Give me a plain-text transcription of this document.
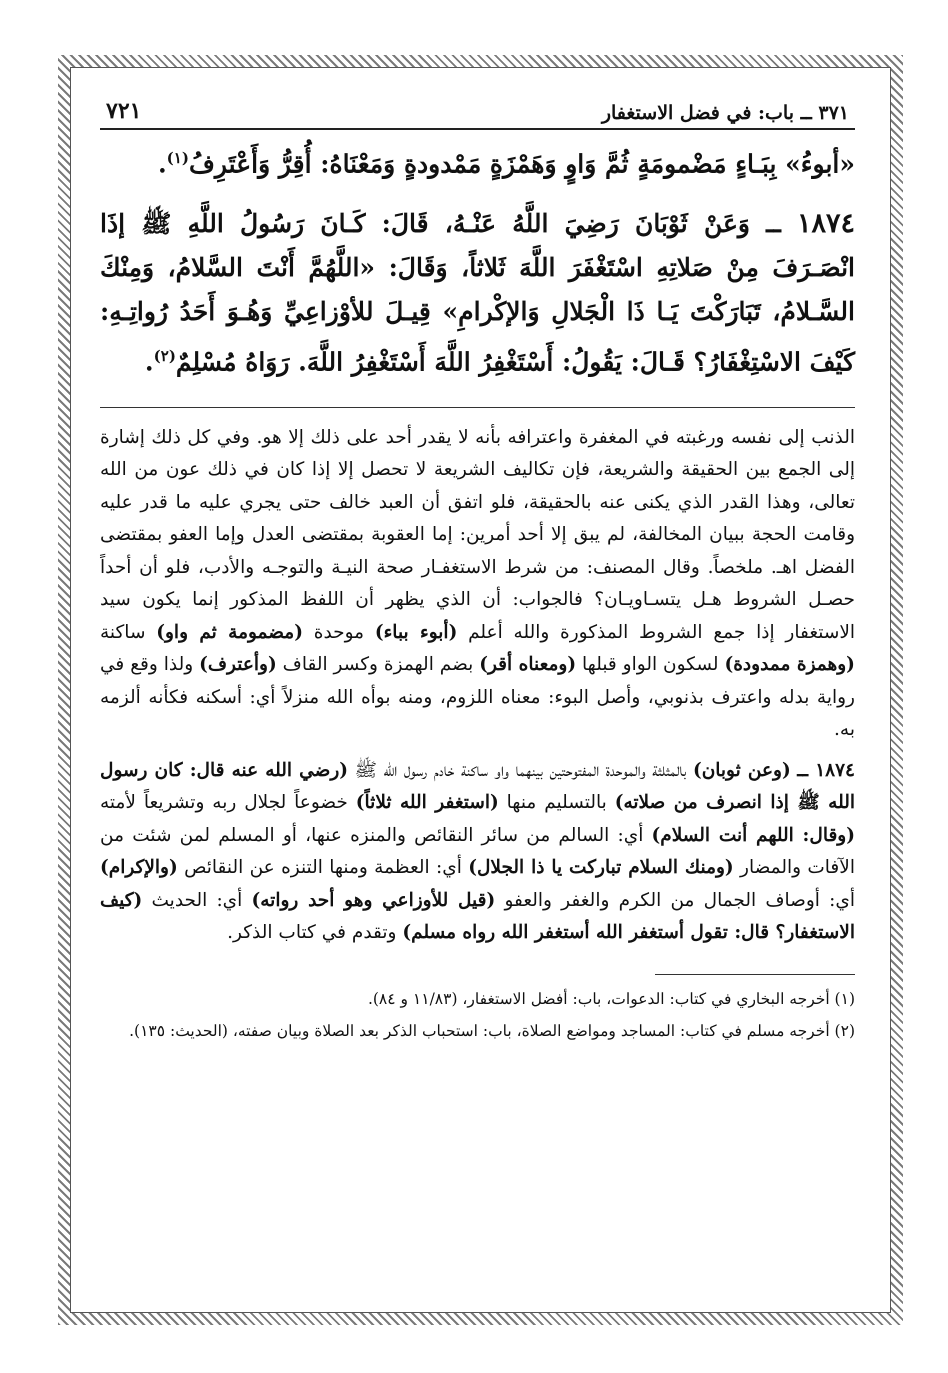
٣٧١ ــ باب: في فضل الاستغفار
٧٢١

«أبوءُ» بِبَـاءٍ مَضْمومَةٍ ثُمَّ وَاوٍ وَهَمْزَةٍ مَمْدودةٍ وَمَعْنَاهُ: أُقِرُّ وَأَعْتَرِفُ$^{(١)}$.

١٨٧٤ ــ وَعَنْ ثَوْبَانَ رَضِيَ اللَّهُ عَنْـهُ، قَالَ: كَـانَ رَسُولُ اللَّهِ ﷺ إذَا انْصَـرَفَ مِنْ صَلاتِهِ اسْتَغْفَرَ اللَّهَ ثَلاثاً، وَقَالَ: «اللَّهُمَّ أَنْتَ السَّلامُ، وَمِنْكَ السَّـلامُ، تَبَارَكْتَ يَـا ذَا الْجَلالِ وَالإكْرامِ» قِيـلَ للأوْزاعِيِّ وَهُـوَ أَحَدُ رُواتِـهِ: كَيْفَ الاسْتِغْفَارُ؟ قَـالَ: يَقُولُ: أَسْتَغْفِرُ اللَّهَ أَسْتَغْفِرُ اللَّهَ. رَوَاهُ مُسْلِمٌ$^{(٢)}$.

الذنب إلى نفسه ورغبته في المغفرة واعترافه بأنه لا يقدر أحد على ذلك إلا هو. وفي كل ذلك إشارة إلى الجمع بين الحقيقة والشريعة، فإن تكاليف الشريعة لا تحصل إلا إذا كان في ذلك عون من الله تعالى، وهذا القدر الذي يكنى عنه بالحقيقة، فلو اتفق أن العبد خالف حتى يجري عليه ما قدر عليه وقامت الحجة ببيان المخالفة، لم يبق إلا أحد أمرين: إما العقوبة بمقتضى العدل وإما العفو بمقتضى الفضل اهـ. ملخصاً. وقال المصنف: من شرط الاستغفـار صحة النيـة والتوجـه والأدب، فلو أن أحداً حصـل الشروط هـل يتسـاويـان؟ فالجواب: أن الذي يظهر أن اللفظ المذكور إنما يكون سيد الاستغفار إذا جمع الشروط المذكورة والله أعلم (أبوء بباء) موحدة (مضمومة ثم واو) ساكنة (وهمزة ممدودة) لسكون الواو قبلها (ومعناه أقر) بضم الهمزة وكسر القاف (وأعترف) ولذا وقع في رواية بدله واعترف بذنوبي، وأصل البوء: معناه اللزوم، ومنه بوأه الله منزلاً أي: أسكنه فكأنه ألزمه به.

١٨٧٤ ــ (وعن ثوبان) بالمثلثة والموحدة المفتوحتين بينهما واو ساكنة خادم رسول الله ﷺ (رضي الله عنه قال: كان رسول الله ﷺ إذا انصرف من صلاته) بالتسليم منها (استغفر الله ثلاثاً) خضوعاً لجلال ربه وتشريعاً لأمته (وقال: اللهم أنت السلام) أي: السالم من سائر النقائص والمنزه عنها، أو المسلم لمن شئت من الآفات والمضار (ومنك السلام تباركت يا ذا الجلال) أي: العظمة ومنها التنزه عن النقائص (والإكرام) أي: أوصاف الجمال من الكرم والغفر والعفو (قيل للأوزاعي وهو أحد رواته) أي: الحديث (كيف الاستغفار؟ قال: تقول أستغفر الله أستغفر الله رواه مسلم) وتقدم في كتاب الذكر.

(١) أخرجه البخاري في كتاب: الدعوات، باب: أفضل الاستغفار، (١١/٨٣ و ٨٤).

(٢) أخرجه مسلم في كتاب: المساجد ومواضع الصلاة، باب: استحباب الذكر بعد الصلاة وبيان صفته، (الحديث: ١٣٥).
